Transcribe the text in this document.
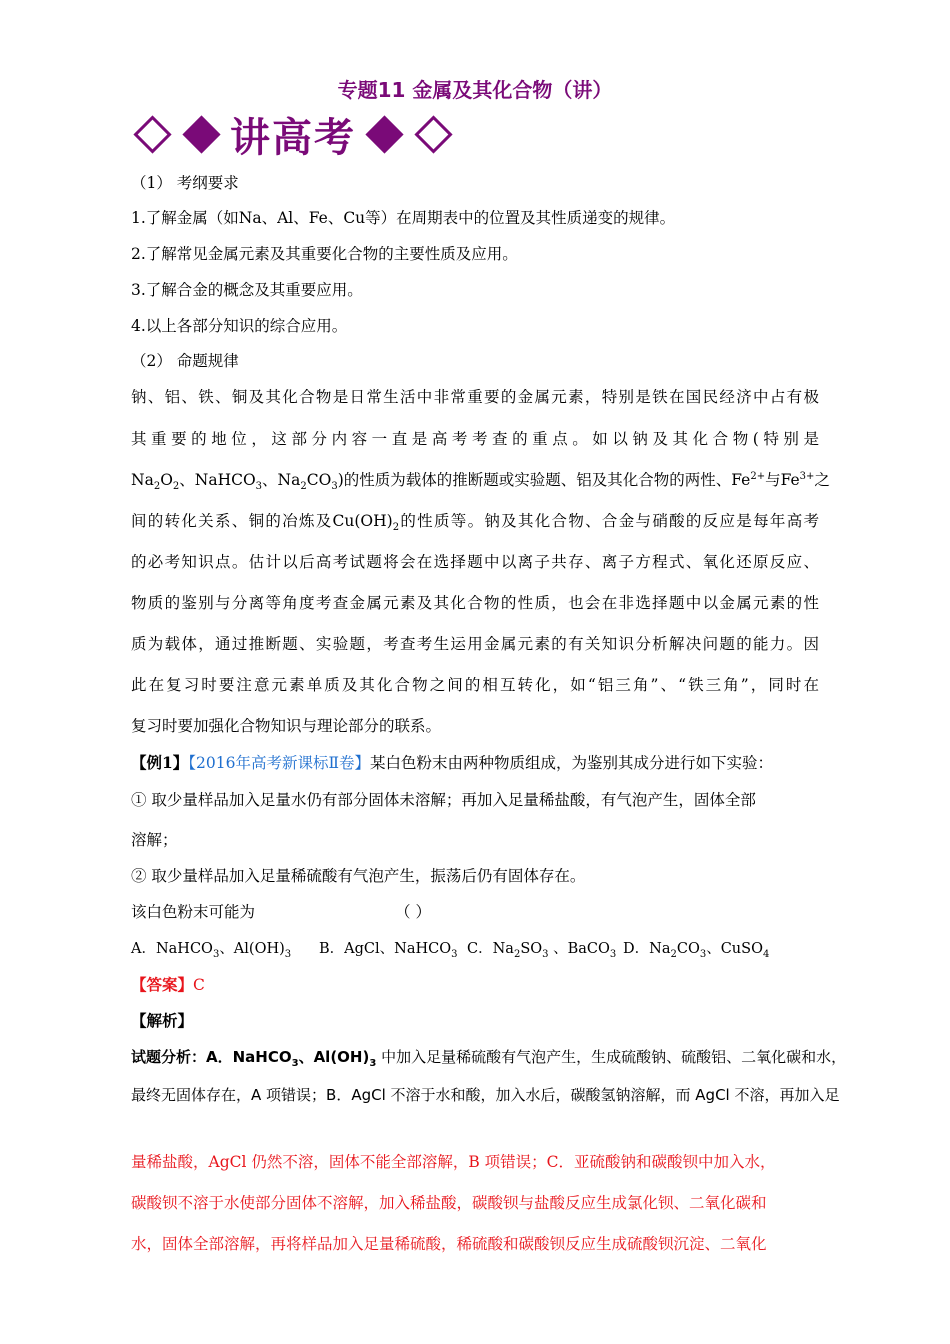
专题11 金属及其化合物（讲）
讲高考
（1） 考纲要求
1.了解金属（如Na、Al、Fe、Cu等）在周期表中的位置及其性质递变的规律。
2.了解常见金属元素及其重要化合物的主要性质及应用。
3.了解合金的概念及其重要应用。
4.以上各部分知识的综合应用。
（2） 命题规律
钠、铝、铁、铜及其化合物是日常生活中非常重要的金属元素，特别是铁在国民经济中占有极
其重要的地位，这部分内容一直是高考考查的重点。如以钠及其化合物(特别是
$Na_2O_2$、NaHCO$_3$、$Na_2CO_3$)的性质为载体的推断题或实验题、铝及其化合物的两性、$Fe^{2+}$与$Fe^{3+}$之
间的转化关系、铜的冶炼及$Cu(OH)_2$的性质等。钠及其化合物、合金与硝酸的反应是每年高考
的必考知识点。估计以后高考试题将会在选择题中以离子共存、离子方程式、氧化还原反应、
物质的鉴别与分离等角度考查金属元素及其化合物的性质，也会在非选择题中以金属元素的性
质为载体，通过推断题、实验题，考查考生运用金属元素的有关知识分析解决问题的能力。因
此在复习时要注意元素单质及其化合物之间的相互转化，如“铝三角”、“铁三角”，同时在
复习时要加强化合物知识与理论部分的联系。
【例1】【2016年高考新课标Ⅱ卷】某白色粉末由两种物质组成，为鉴别其成分进行如下实验：
① 取少量样品加入足量水仍有部分固体未溶解；再加入足量稀盐酸，有气泡产生，固体全部
溶解；
② 取少量样品加入足量稀硫酸有气泡产生，振荡后仍有固体存在。
该白色粉末可能为	（ ）
A．NaHCO$_3$、$Al(OH)_3$ B．AgCl、NaHCO$_3$ C．$Na_2SO_3$ 、BaCO$_3$ D．$Na_2CO_3$、CuSO$_4$
【答案】C
【解析】
试题分析：A．NaHCO$_3$、$Al(OH)_3$ 中加入足量稀硫酸有气泡产生，生成硫酸钠、硫酸铝、二氧化碳和水，
最终无固体存在，A 项错误；B．AgCl 不溶于水和酸，加入水后，碳酸氢钠溶解，而 AgCl 不溶，再加入足
量稀盐酸，AgCl 仍然不溶，固体不能全部溶解，B 项错误；C．亚硫酸钠和碳酸钡中加入水，
碳酸钡不溶于水使部分固体不溶解，加入稀盐酸，碳酸钡与盐酸反应生成氯化钡、二氧化碳和
水，固体全部溶解，再将样品加入足量稀硫酸，稀硫酸和碳酸钡反应生成硫酸钡沉淀、二氧化
